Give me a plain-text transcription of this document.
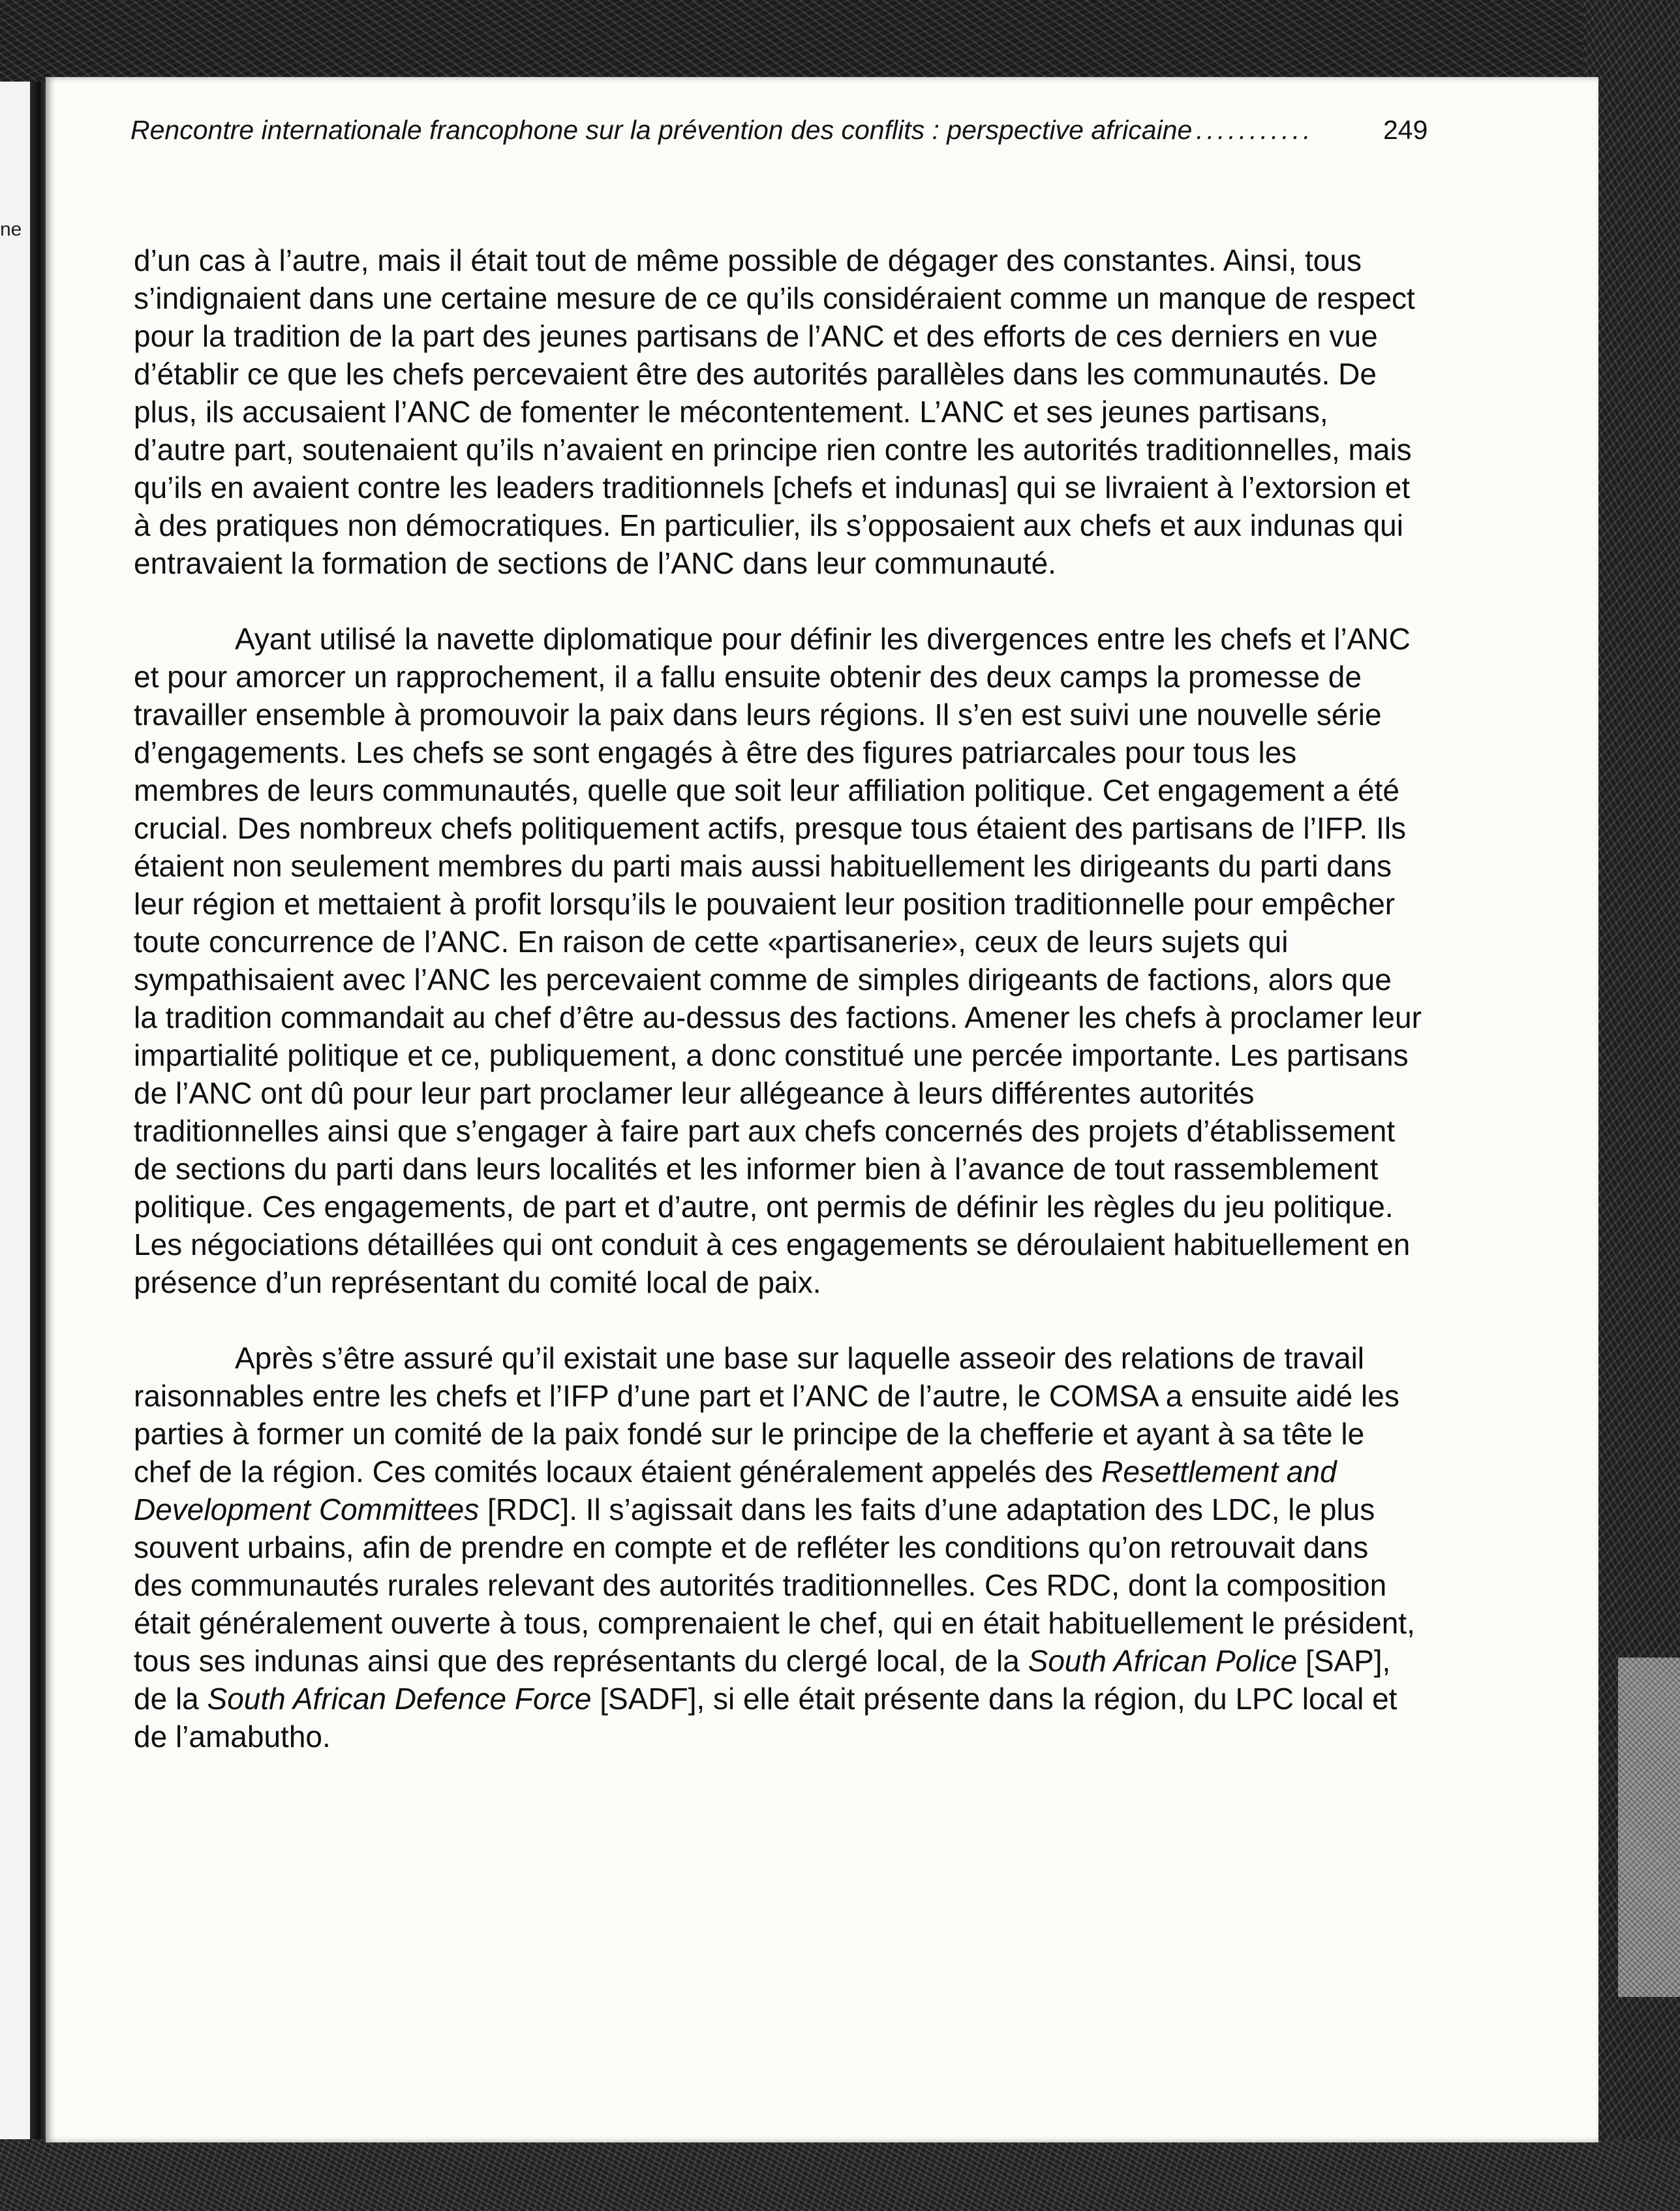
ne
Rencontre internationale francophone sur la prévention des conflits : perspective africaine ...........	249

d’un cas à l’autre, mais il était tout de même possible de dégager des constantes. Ainsi, tous s’indignaient dans une certaine mesure de ce qu’ils considéraient comme un manque de respect pour la tradition de la part des jeunes partisans de l’ANC et des efforts de ces derniers en vue d’établir ce que les chefs percevaient être des autorités parallèles dans les communautés. De plus, ils accusaient l’ANC de fomenter le mécontentement. L’ANC et ses jeunes partisans, d’autre part, soutenaient qu’ils n’avaient en principe rien contre les autorités traditionnelles, mais qu’ils en avaient contre les leaders traditionnels [chefs et indunas] qui se livraient à l’extorsion et à des pratiques non démocratiques. En particulier, ils s’opposaient aux chefs et aux indunas qui entravaient la formation de sections de l’ANC dans leur communauté.

Ayant utilisé la navette diplomatique pour définir les divergences entre les chefs et l’ANC et pour amorcer un rapprochement, il a fallu ensuite obtenir des deux camps la promesse de travailler ensemble à promouvoir la paix dans leurs régions. Il s’en est suivi une nouvelle série d’engagements. Les chefs se sont engagés à être des figures patriarcales pour tous les membres de leurs communautés, quelle que soit leur affiliation politique. Cet engagement a été crucial. Des nombreux chefs politiquement actifs, presque tous étaient des partisans de l’IFP. Ils étaient non seulement membres du parti mais aussi habituellement les dirigeants du parti dans leur région et mettaient à profit lorsqu’ils le pouvaient leur position traditionnelle pour empêcher toute concurrence de l’ANC. En raison de cette «partisanerie», ceux de leurs sujets qui sympathisaient avec l’ANC les percevaient comme de simples dirigeants de factions, alors que la tradition commandait au chef d’être au-dessus des factions. Amener les chefs à proclamer leur impartialité politique et ce, publiquement, a donc constitué une percée importante. Les partisans de l’ANC ont dû pour leur part proclamer leur allégeance à leurs différentes autorités traditionnelles ainsi que s’engager à faire part aux chefs concernés des projets d’établissement de sections du parti dans leurs localités et les informer bien à l’avance de tout rassemblement politique. Ces engagements, de part et d’autre, ont permis de définir les règles du jeu politique. Les négociations détaillées qui ont conduit à ces engagements se déroulaient habituellement en présence d’un représentant du comité local de paix.

Après s’être assuré qu’il existait une base sur laquelle asseoir des relations de travail raisonnables entre les chefs et l’IFP d’une part et l’ANC de l’autre, le COMSA a ensuite aidé les parties à former un comité de la paix fondé sur le principe de la chefferie et ayant à sa tête le chef de la région. Ces comités locaux étaient généralement appelés des Resettlement and Development Committees [RDC]. Il s’agissait dans les faits d’une adaptation des LDC, le plus souvent urbains, afin de prendre en compte et de refléter les conditions qu’on retrouvait dans des communautés rurales relevant des autorités traditionnelles. Ces RDC, dont la composition était généralement ouverte à tous, comprenaient le chef, qui en était habituellement le président, tous ses indunas ainsi que des représentants du clergé local, de la South African Police [SAP], de la South African Defence Force [SADF], si elle était présente dans la région, du LPC local et de l’amabutho.
